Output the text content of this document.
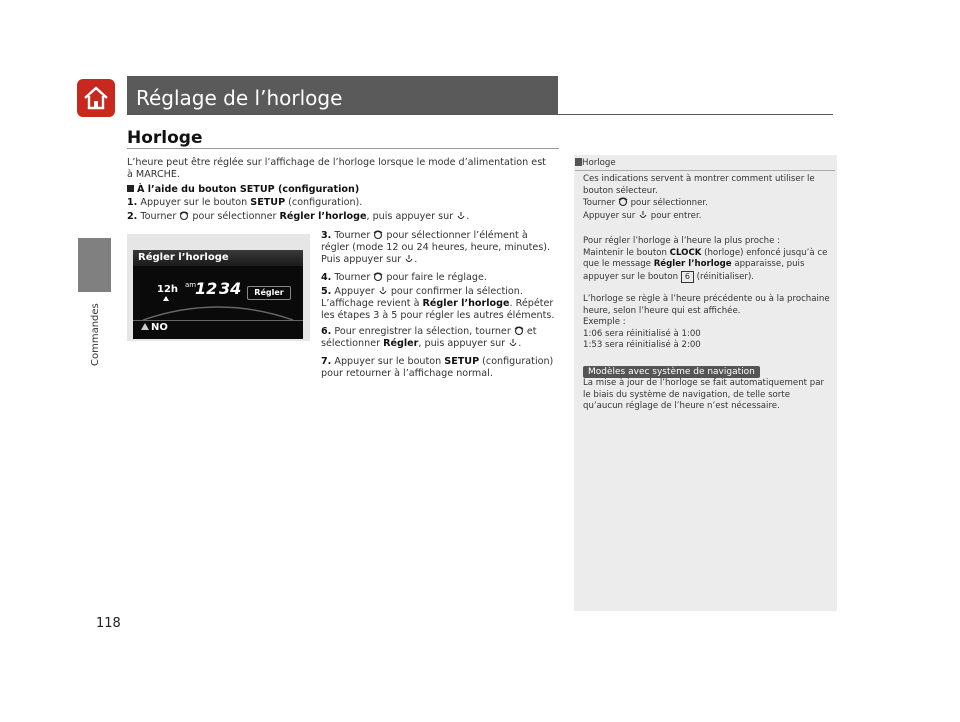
Commandes
118
Réglage de l’horloge
Horloge
L’heure peut être réglée sur l’affichage de l’horloge lorsque le mode d’alimentation est à MARCHE.
À l’aide du bouton SETUP (configuration)
1. Appuyer sur le bouton SETUP (configuration).
2. Tourner  pour sélectionner Régler l’horloge, puis appuyer sur .
Régler l’horloge
12h am
12 34	Régler
NO
3. Tourner  pour sélectionner l’élément à régler (mode 12 ou 24 heures, heure, minutes). Puis appuyer sur .
4. Tourner  pour faire le réglage.
5. Appuyer  pour confirmer la sélection. L’affichage revient à Régler l’horloge. Répéter les étapes 3 à 5 pour régler les autres éléments.
6. Pour enregistrer la sélection, tourner  et sélectionner Régler, puis appuyer sur .
7. Appuyer sur le bouton SETUP (configuration) pour retourner à l’affichage normal.
Horloge
Ces indications servent à montrer comment utiliser le bouton sélecteur.
Tourner  pour sélectionner.
Appuyer sur  pour entrer.
Pour régler l’horloge à l’heure la plus proche :
Maintenir le bouton CLOCK (horloge) enfoncé jusqu’à ce que le message Régler l’horloge apparaisse, puis appuyer sur le bouton 6 (réinitialiser).
L’horloge se règle à l’heure précédente ou à la prochaine heure, selon l’heure qui est affichée.
Exemple :
1:06 sera réinitialisé à 1:00
1:53 sera réinitialisé à 2:00
Modèles avec système de navigation
La mise à jour de l’horloge se fait automatiquement par le biais du système de navigation, de telle sorte qu’aucun réglage de l’heure n’est nécessaire.
